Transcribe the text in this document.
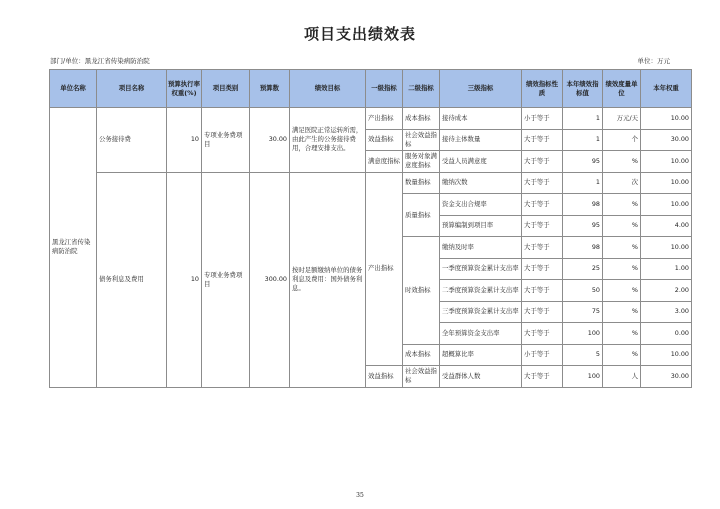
项目支出绩效表
部门/单位：黑龙江省传染病防治院	单位：万元
单位名称	项目名称	预算执行率权重(%)	项目类别	预算数	绩效目标	一级指标	二级指标	三级指标	绩效指标性质	本年绩效指标值	绩效度量单位	本年权重
黑龙江省传染病防治院	公务接待费	10	专项业务费项目	30.00	满足医院正常运转所需，由此产生的公务接待费用，合理安排支出。	产出指标	成本指标	接待成本	小于等于	1	万元/天	10.00
						效益指标	社会效益指标	接待主体数量	大于等于	1	个	30.00
						满意度指标	服务对象满意度指标	受益人员满意度	大于等于	95	%	10.00
	债务利息及费用	10	专项业务费项目	300.00	按时足额缴纳单位的债务利息及费用：国外债务利息。	产出指标	数量指标	缴纳次数	大于等于	1	次	10.00
							质量指标	资金支出合规率	大于等于	98	%	10.00
								预算编制到项目率	大于等于	95	%	4.00
							时效指标	缴纳及时率	大于等于	98	%	10.00
								一季度预算资金累计支出率	大于等于	25	%	1.00
								二季度预算资金累计支出率	大于等于	50	%	2.00
								三季度预算资金累计支出率	大于等于	75	%	3.00
								全年预算资金支出率	大于等于	100	%	0.00
							成本指标	超概算比率	小于等于	5	%	10.00
						效益指标	社会效益指标	受益群体人数	大于等于	100	人	30.00
35
